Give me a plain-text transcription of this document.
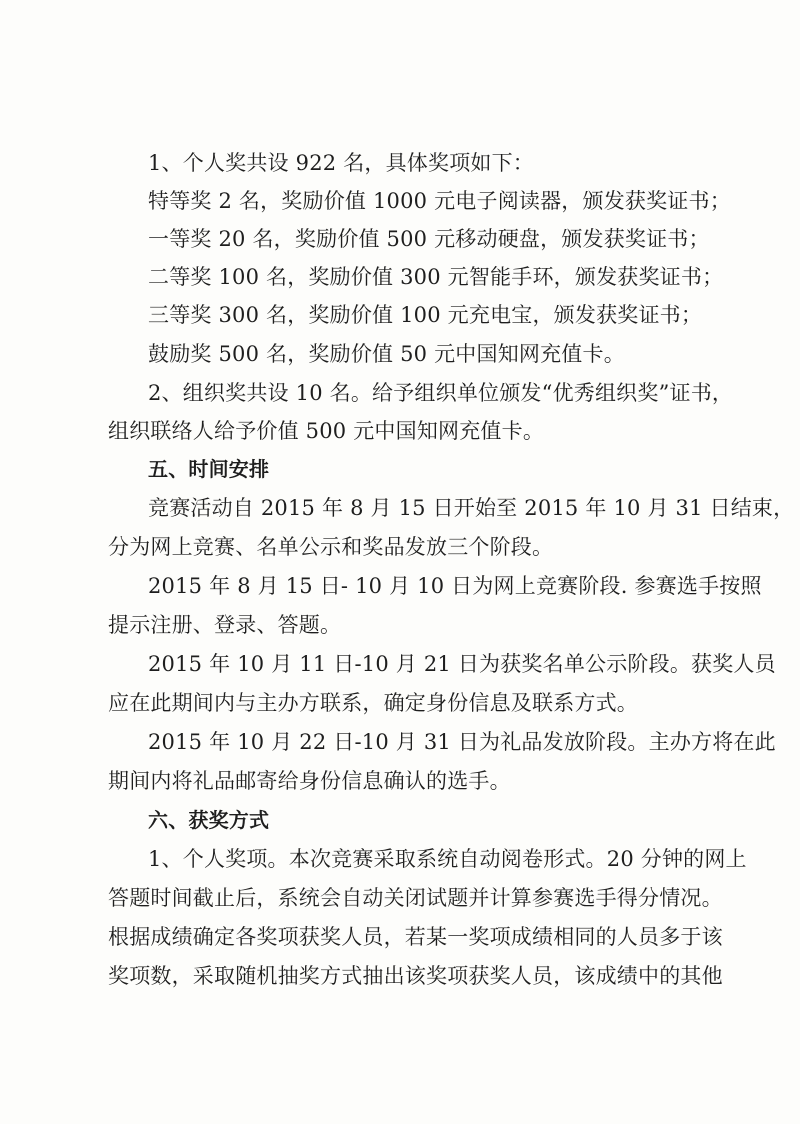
1、个人奖共设 922 名，具体奖项如下：
特等奖 2 名，奖励价值 1000 元电子阅读器，颁发获奖证书；
一等奖 20 名，奖励价值 500 元移动硬盘，颁发获奖证书；
二等奖 100 名，奖励价值 300 元智能手环，颁发获奖证书；
三等奖 300 名，奖励价值 100 元充电宝，颁发获奖证书；
鼓励奖 500 名，奖励价值 50 元中国知网充值卡。
2、组织奖共设 10 名。给予组织单位颁发“优秀组织奖”证书，
组织联络人给予价值 500 元中国知网充值卡。
五、时间安排
竞赛活动自 2015 年 8 月 15 日开始至 2015 年 10 月 31 日结束，
分为网上竞赛、名单公示和奖品发放三个阶段。
2015 年 8 月 15 日- 10 月 10 日为网上竞赛阶段. 参赛选手按照
提示注册、登录、答题。
2015 年 10 月 11 日-10 月 21 日为获奖名单公示阶段。获奖人员
应在此期间内与主办方联系，确定身份信息及联系方式。
2015 年 10 月 22 日-10 月 31 日为礼品发放阶段。主办方将在此
期间内将礼品邮寄给身份信息确认的选手。
六、获奖方式
1、个人奖项。本次竞赛采取系统自动阅卷形式。20 分钟的网上
答题时间截止后，系统会自动关闭试题并计算参赛选手得分情况。
根据成绩确定各奖项获奖人员，若某一奖项成绩相同的人员多于该
奖项数，采取随机抽奖方式抽出该奖项获奖人员，该成绩中的其他
